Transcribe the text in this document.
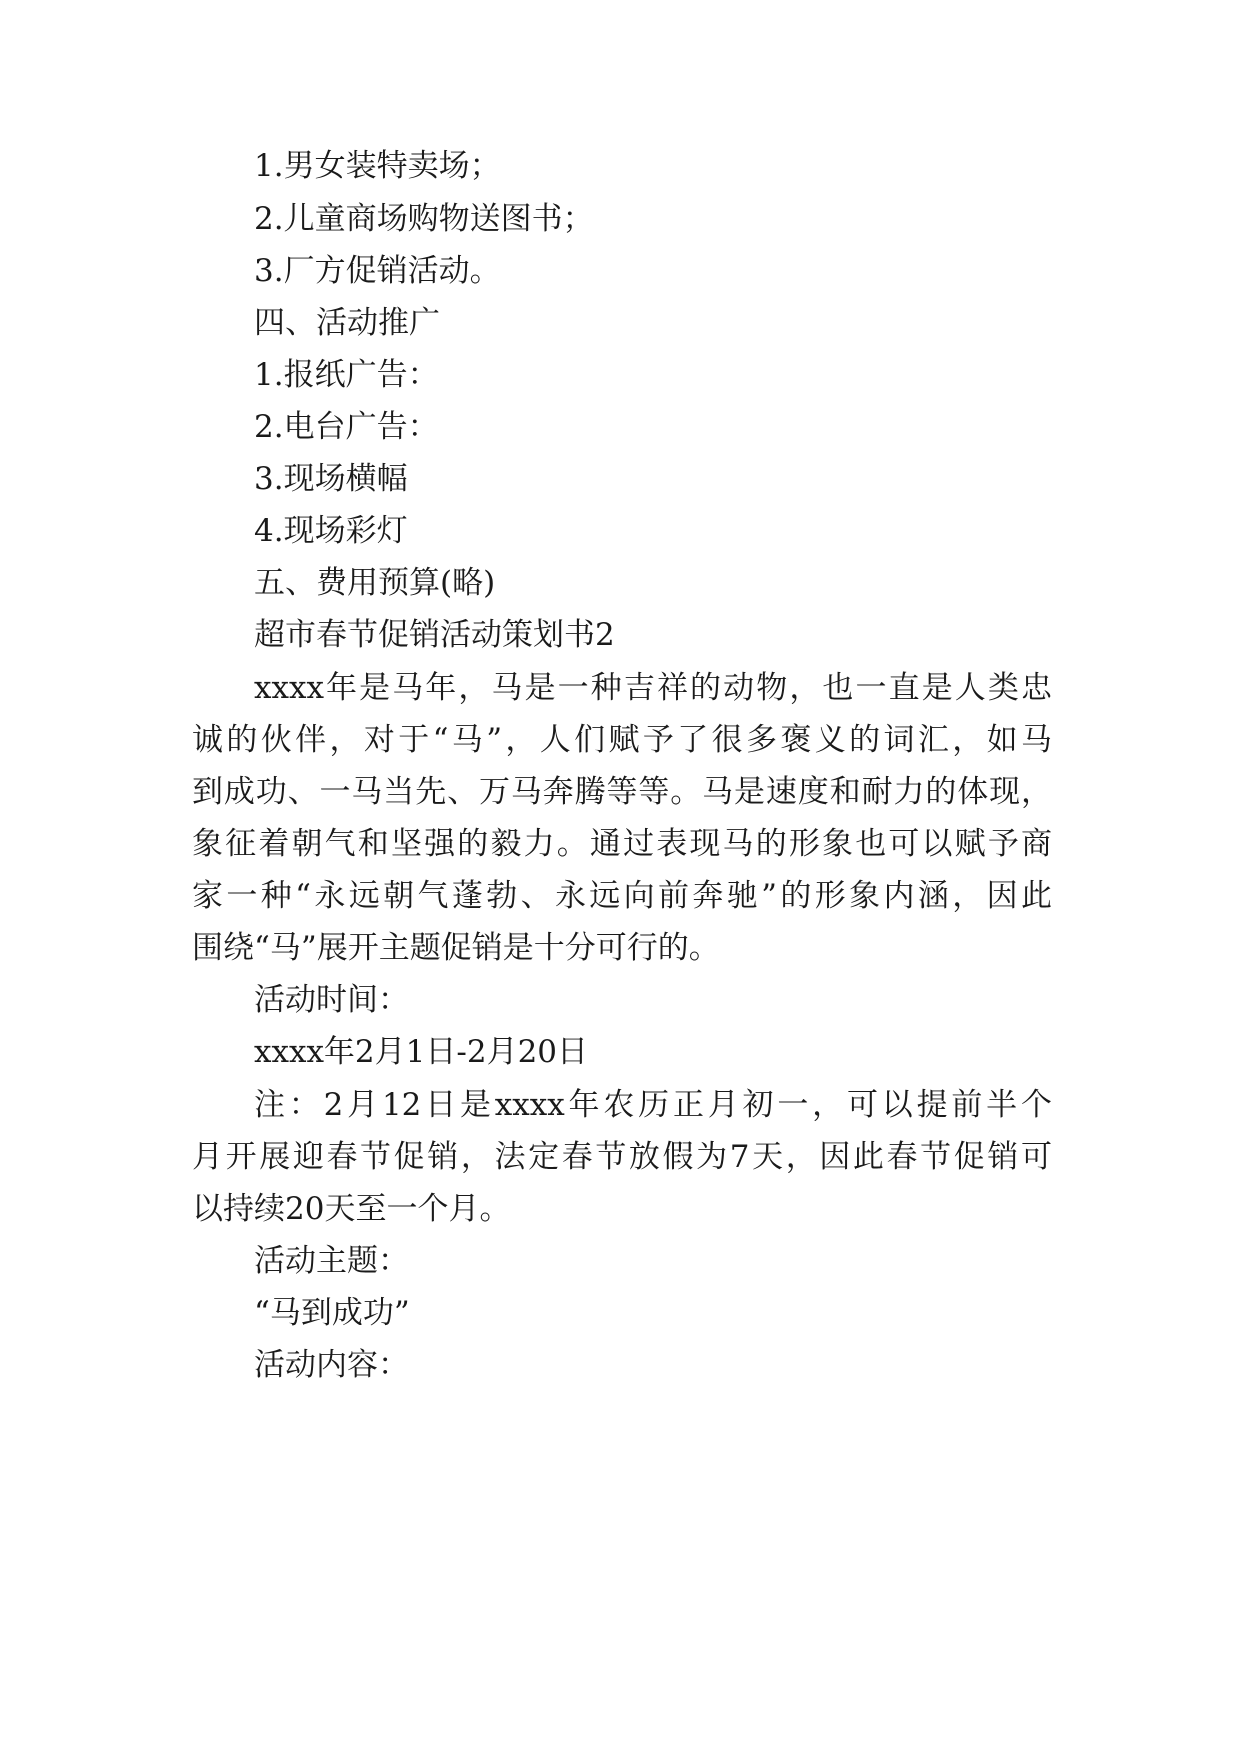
1.男女装特卖场；
2.儿童商场购物送图书；
3.厂方促销活动。
四、活动推广
1.报纸广告：
2.电台广告：
3.现场横幅
4.现场彩灯
五、费用预算(略)
超市春节促销活动策划书2
xxxx年是马年，马是一种吉祥的动物，也一直是人类忠
诚的伙伴，对于“马”，人们赋予了很多褒义的词汇，如马
到成功、一马当先、万马奔腾等等。马是速度和耐力的体现，
象征着朝气和坚强的毅力。通过表现马的形象也可以赋予商
家一种“永远朝气蓬勃、永远向前奔驰”的形象内涵，因此
围绕“马”展开主题促销是十分可行的。
活动时间：
xxxx年2月1日-2月20日
注：2月12日是xxxx年农历正月初一，可以提前半个
月开展迎春节促销，法定春节放假为7天，因此春节促销可
以持续20天至一个月。
活动主题：
“马到成功”
活动内容：
